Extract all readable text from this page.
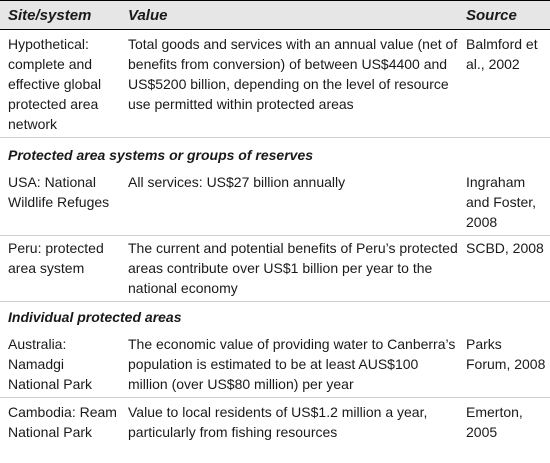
Site/system Value	Source
Hypothetical: complete and effective global protected area network
Total goods and services with an annual value (net of benefits from conversion) of between US$4400 and US$5200 billion, depending on the level of resource use permitted within protected areas
Balmford et al., 2002
Protected area systems or groups of reserves
USA: National Wildlife Refuges
All services: US$27 billion annually	Ingraham and Foster, 2008
Peru: protected area system
The current and potential benefits of Peru’s protected areas contribute over US$1 billion per year to the national economy
SCBD, 2008
Individual protected areas
Australia: Namadgi National Park
The economic value of providing water to Canberra’s population is estimated to be at least AUS$100 million (over US$80 million) per year
Parks Forum, 2008
Cambodia: Ream National Park
Value to local residents of US$1.2 million a year, particularly from fishing resources
Emerton, 2005
